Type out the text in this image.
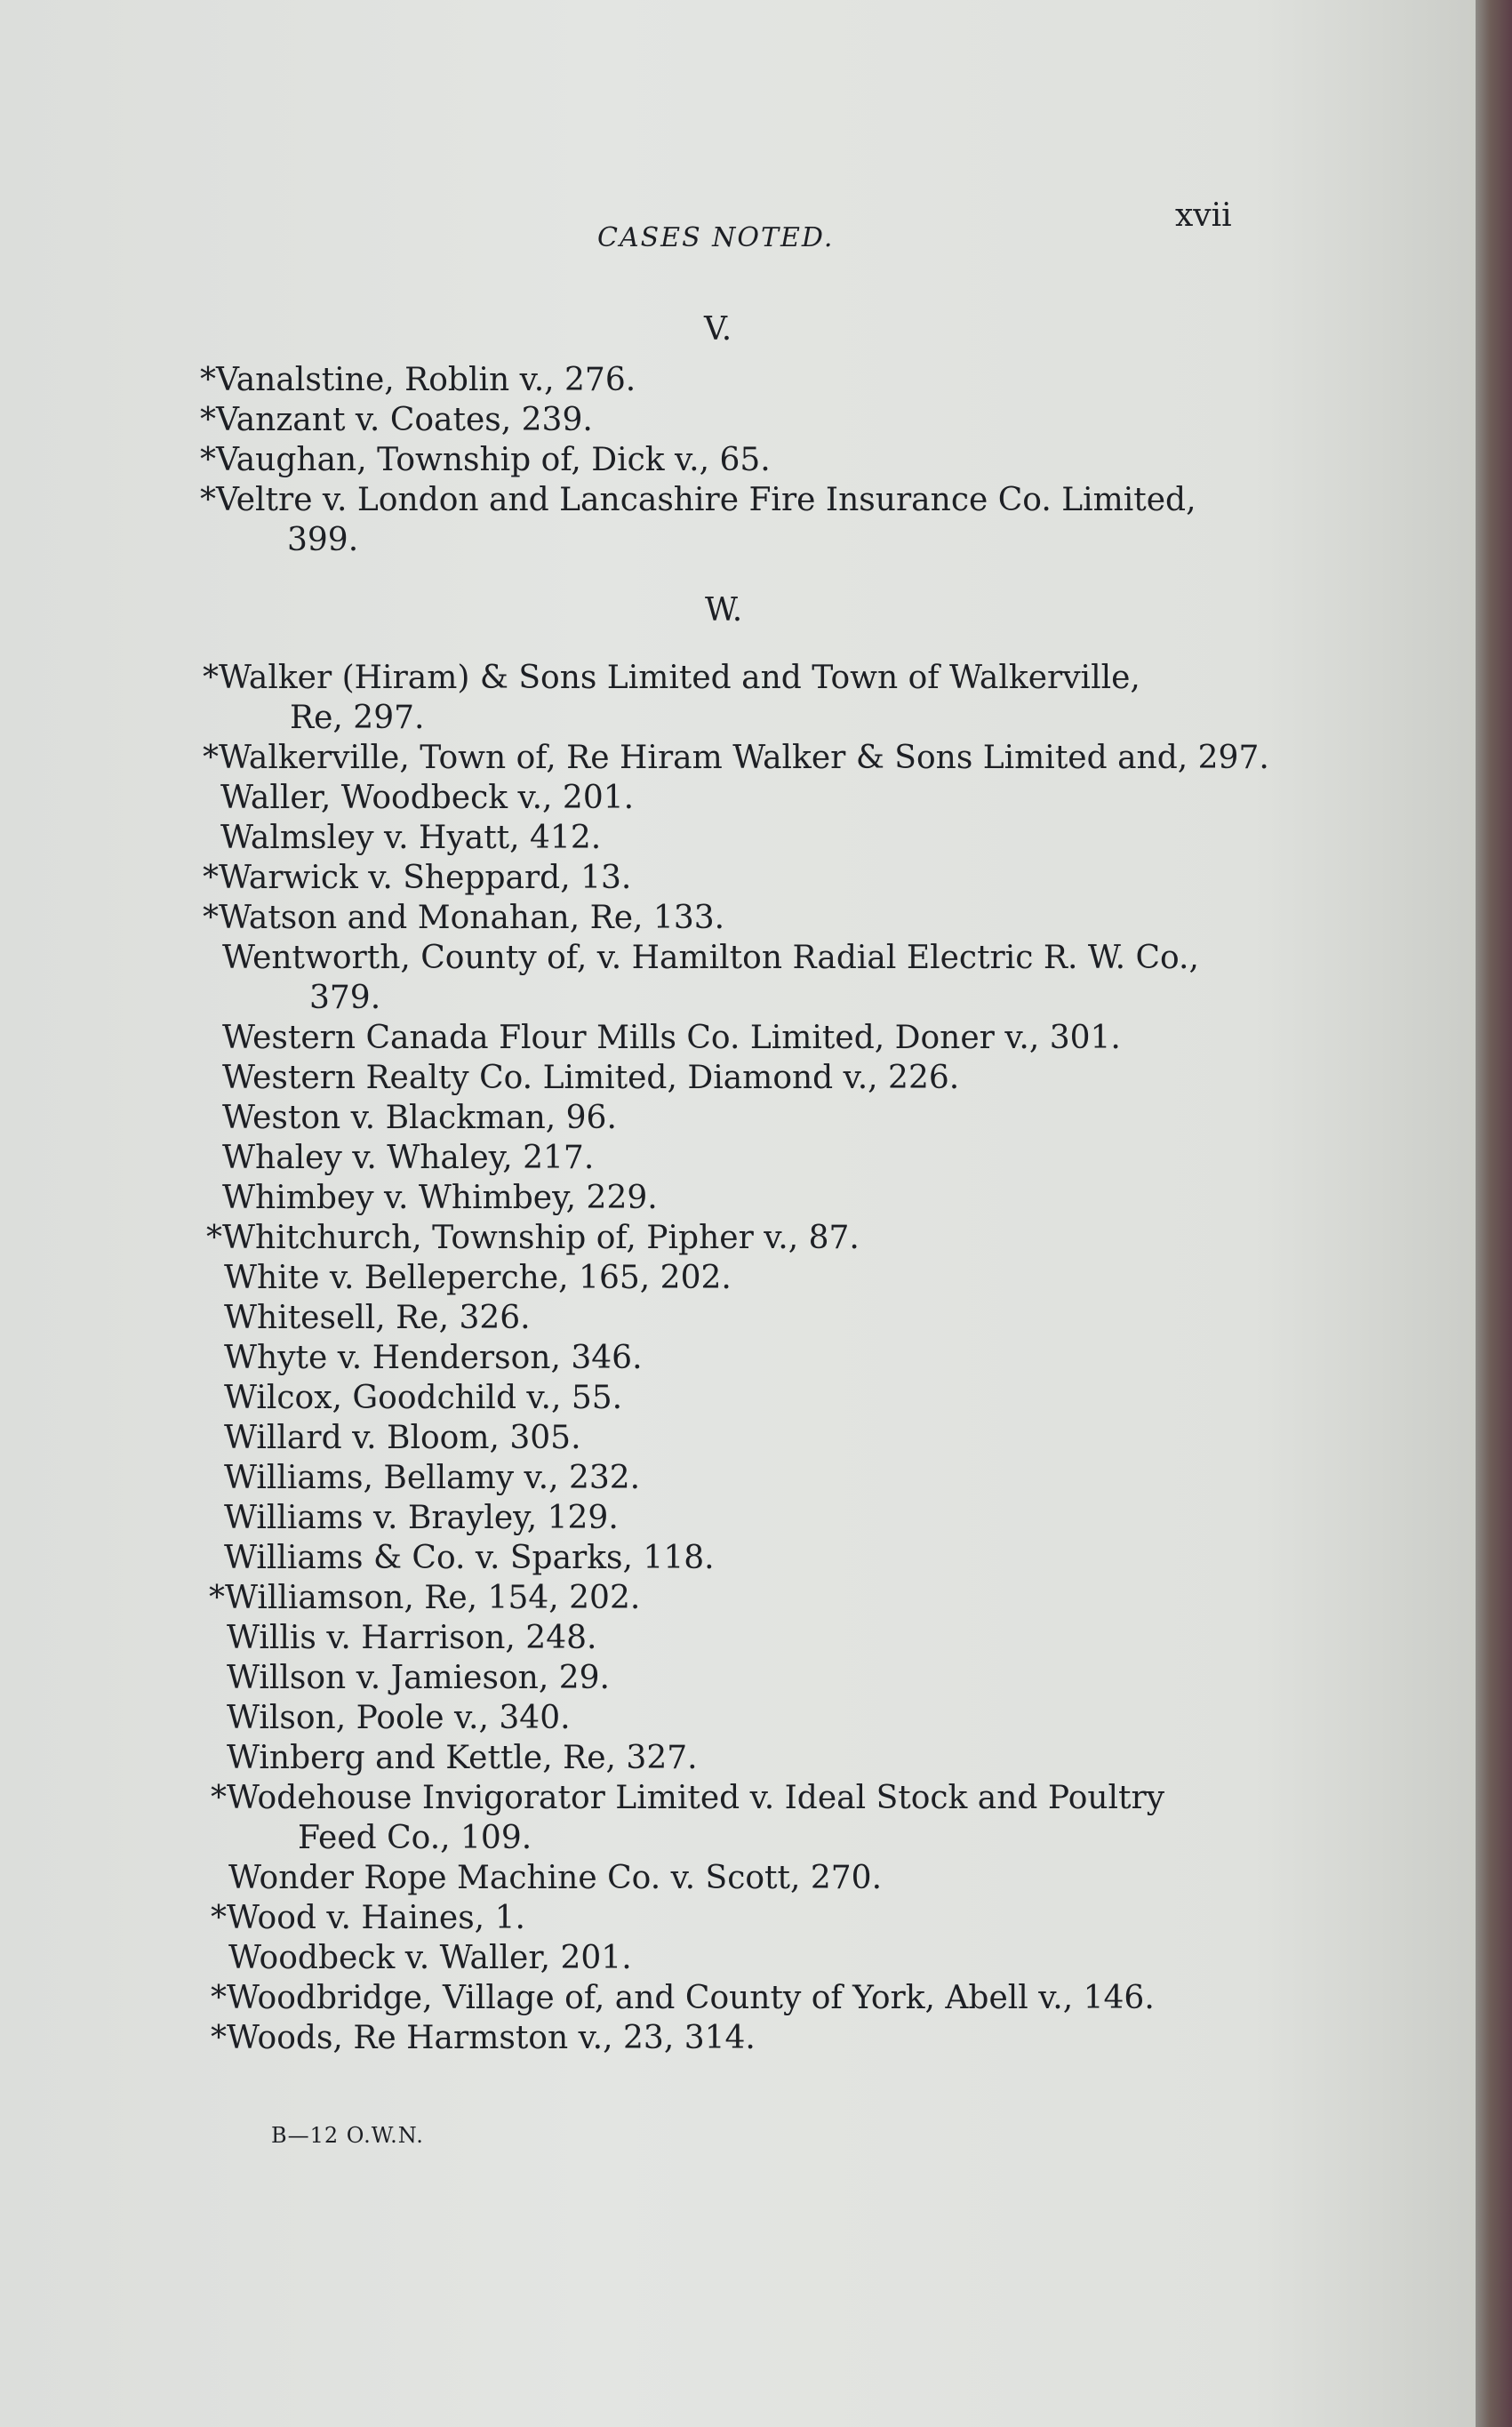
CASES NOTED.
xvii
V.
W.
*Vanalstine, Roblin v., 276.
*Vanzant v. Coates, 239.
*Vaughan, Township of, Dick v., 65.
*Veltre v. London and Lancashire Fire Insurance Co. Limited,
399.
*Walker (Hiram) & Sons Limited and Town of Walkerville,
Re, 297.
*Walkerville, Town of, Re Hiram Walker & Sons Limited and, 297.
Waller, Woodbeck v., 201.
Walmsley v. Hyatt, 412.
*Warwick v. Sheppard, 13.
*Watson and Monahan, Re, 133.
Wentworth, County of, v. Hamilton Radial Electric R. W. Co.,
379.
Western Canada Flour Mills Co. Limited, Doner v., 301.
Western Realty Co. Limited, Diamond v., 226.
Weston v. Blackman, 96.
Whaley v. Whaley, 217.
Whimbey v. Whimbey, 229.
*Whitchurch, Township of, Pipher v., 87.
White v. Belleperche, 165, 202.
Whitesell, Re, 326.
Whyte v. Henderson, 346.
Wilcox, Goodchild v., 55.
Willard v. Bloom, 305.
Williams, Bellamy v., 232.
Williams v. Brayley, 129.
Williams & Co. v. Sparks, 118.
*Williamson, Re, 154, 202.
Willis v. Harrison, 248.
Willson v. Jamieson, 29.
Wilson, Poole v., 340.
Winberg and Kettle, Re, 327.
*Wodehouse Invigorator Limited v. Ideal Stock and Poultry
Feed Co., 109.
Wonder Rope Machine Co. v. Scott, 270.
*Wood v. Haines, 1.
Woodbeck v. Waller, 201.
*Woodbridge, Village of, and County of York, Abell v., 146.
*Woods, Re Harmston v., 23, 314.
B—12 O.W.N.
